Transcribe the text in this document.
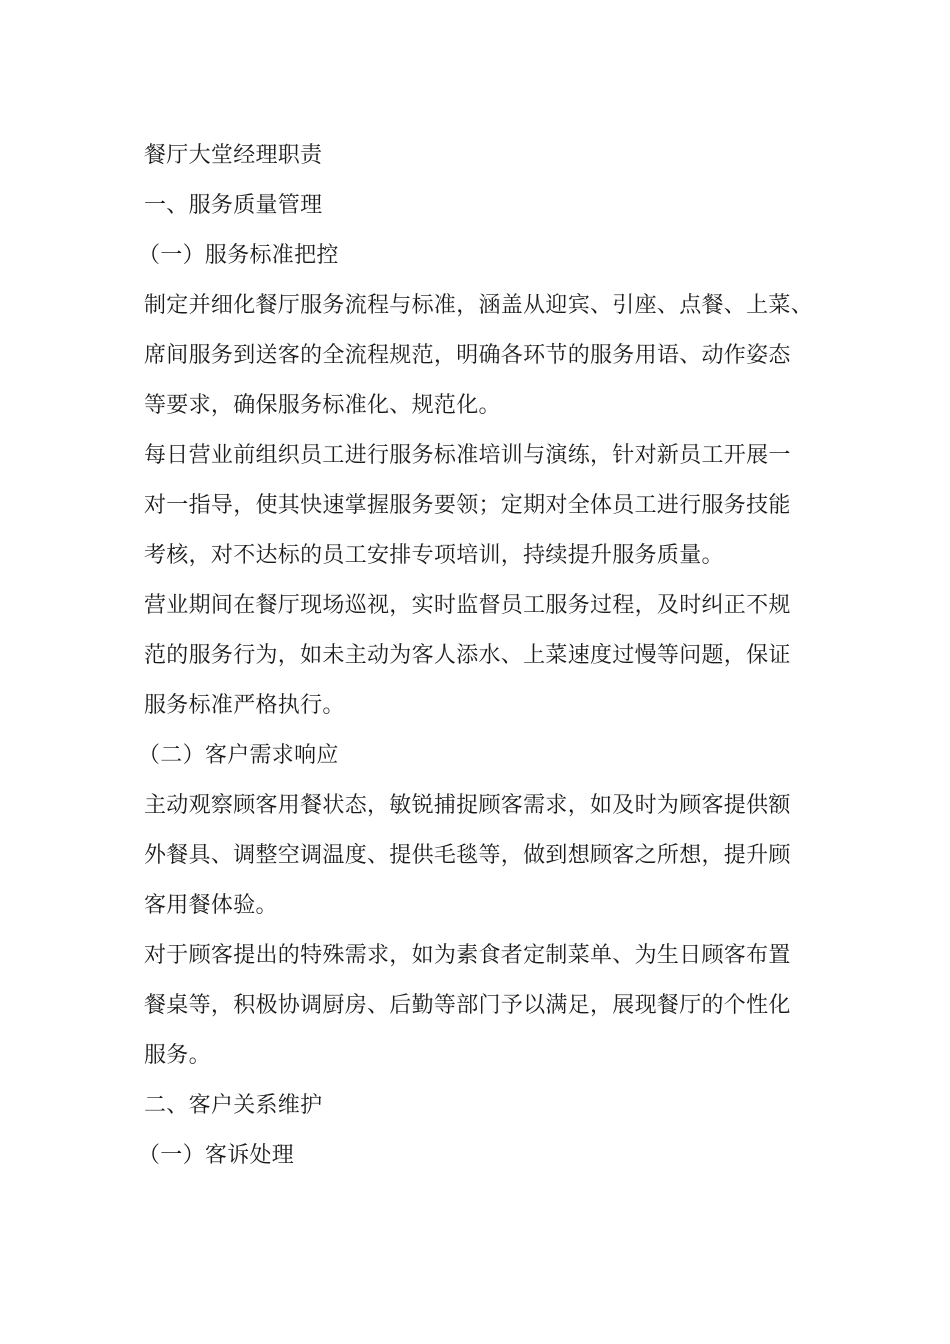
餐厅大堂经理职责
一、服务质量管理
（一）服务标准把控
制定并细化餐厅服务流程与标准，涵盖从迎宾、引座、点餐、上菜、
席间服务到送客的全流程规范，明确各环节的服务用语、动作姿态
等要求，确保服务标准化、规范化。
每日营业前组织员工进行服务标准培训与演练，针对新员工开展一
对一指导，使其快速掌握服务要领；定期对全体员工进行服务技能
考核，对不达标的员工安排专项培训，持续提升服务质量。
营业期间在餐厅现场巡视，实时监督员工服务过程，及时纠正不规
范的服务行为，如未主动为客人添水、上菜速度过慢等问题，保证
服务标准严格执行。
（二）客户需求响应
主动观察顾客用餐状态，敏锐捕捉顾客需求，如及时为顾客提供额
外餐具、调整空调温度、提供毛毯等，做到想顾客之所想，提升顾
客用餐体验。
对于顾客提出的特殊需求，如为素食者定制菜单、为生日顾客布置
餐桌等，积极协调厨房、后勤等部门予以满足，展现餐厅的个性化
服务。
二、客户关系维护
（一）客诉处理
